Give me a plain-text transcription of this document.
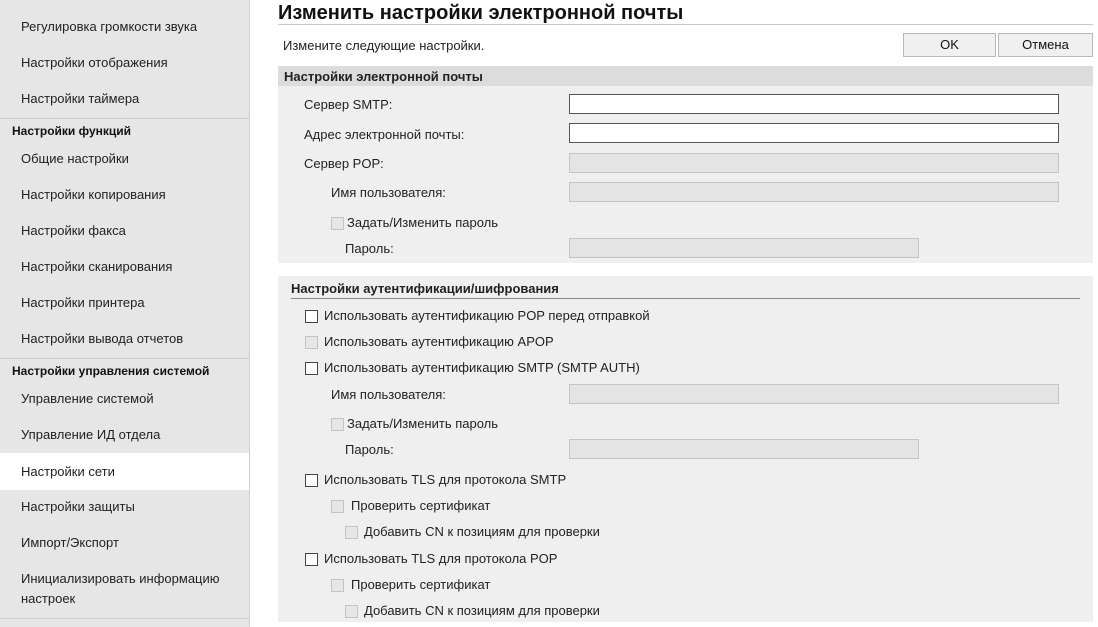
Регулировка громкости звука
Настройки отображения
Настройки таймера
Настройки функций
Общие настройки
Настройки копирования
Настройки факса
Настройки сканирования
Настройки принтера
Настройки вывода отчетов
Настройки управления системой
Управление системой
Управление ИД отдела
Настройки сети
Настройки защиты
Импорт/Экспорт
Инициализировать информацию
настроек
Изменить настройки электронной почты
Измените следующие настройки.	OK	Отмена
Настройки электронной почты
Сервер SMTP:
Адрес электронной почты:
Сервер POP:
Имя пользователя:
Задать/Изменить пароль
Пароль:
Настройки аутентификации/шифрования
Использовать аутентификацию POP перед отправкой
Использовать аутентификацию APOP
Использовать аутентификацию SMTP (SMTP AUTH)
Имя пользователя:
Задать/Изменить пароль
Пароль:
Использовать TLS для протокола SMTP
Проверить сертификат
Добавить CN к позициям для проверки
Использовать TLS для протокола POP
Проверить сертификат
Добавить CN к позициям для проверки
